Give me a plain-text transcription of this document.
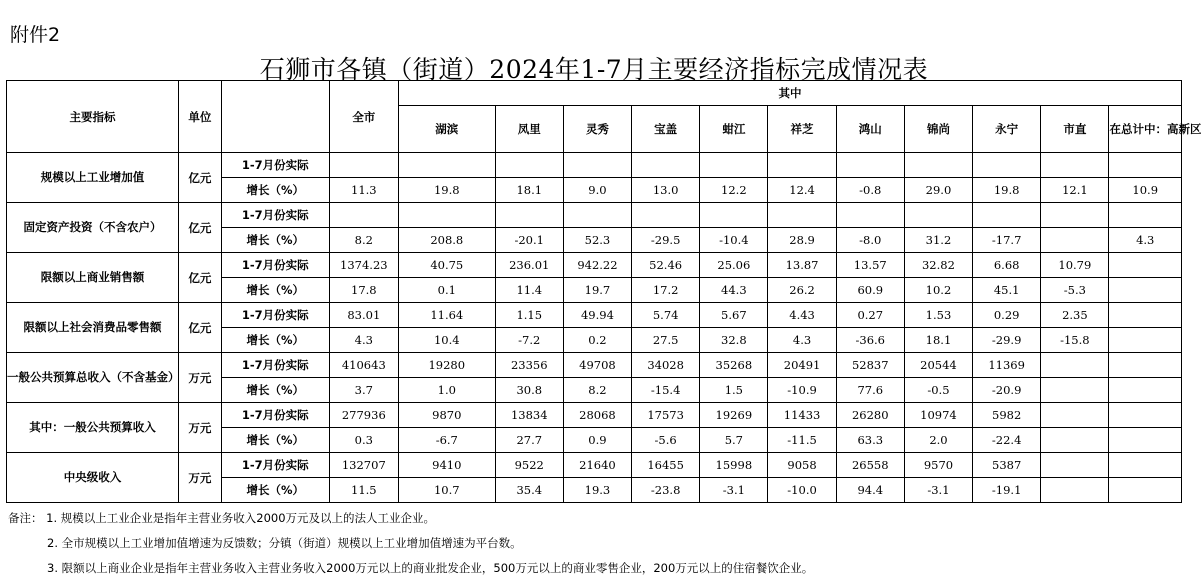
附件2
石狮市各镇（街道）2024年1-7月主要经济指标完成情况表
主要指标	单位		全市	其中										
				湖滨	凤里	灵秀	宝盖	蚶江	祥芝	鸿山	锦尚	永宁	市直	在总计中：高新区
规模以上工业增加值	亿元	1-7月份实际												
		增长（%）	11.3	19.8	18.1	9.0	13.0	12.2	12.4	-0.8	29.0	19.8	12.1	10.9
固定资产投资（不含农户）	亿元	1-7月份实际												
		增长（%）	8.2	208.8	-20.1	52.3	-29.5	-10.4	28.9	-8.0	31.2	-17.7		4.3
限额以上商业销售额	亿元	1-7月份实际	1374.23	40.75	236.01	942.22	52.46	25.06	13.87	13.57	32.82	6.68	10.79	
		增长（%）	17.8	0.1	11.4	19.7	17.2	44.3	26.2	60.9	10.2	45.1	-5.3	
限额以上社会消费品零售额	亿元	1-7月份实际	83.01	11.64	1.15	49.94	5.74	5.67	4.43	0.27	1.53	0.29	2.35	
		增长（%）	4.3	10.4	-7.2	0.2	27.5	32.8	4.3	-36.6	18.1	-29.9	-15.8	
一般公共预算总收入（不含基金）	万元	1-7月份实际	410643	19280	23356	49708	34028	35268	20491	52837	20544	11369		
		增长（%）	3.7	1.0	30.8	8.2	-15.4	1.5	-10.9	77.6	-0.5	-20.9		
其中：一般公共预算收入	万元	1-7月份实际	277936	9870	13834	28068	17573	19269	11433	26280	10974	5982		
		增长（%）	0.3	-6.7	27.7	0.9	-5.6	5.7	-11.5	63.3	2.0	-22.4		
中央级收入	万元	1-7月份实际	132707	9410	9522	21640	16455	15998	9058	26558	9570	5387		
		增长（%）	11.5	10.7	35.4	19.3	-23.8	-3.1	-10.0	94.4	-3.1	-19.1		
备注： 1. 规模以上工业企业是指年主营业务收入2000万元及以上的法人工业企业。
2. 全市规模以上工业增加值增速为反馈数；分镇（街道）规模以上工业增加值增速为平台数。
3. 限额以上商业企业是指年主营业务收入主营业务收入2000万元以上的商业批发企业，500万元以上的商业零售企业，200万元以上的住宿餐饮企业。
